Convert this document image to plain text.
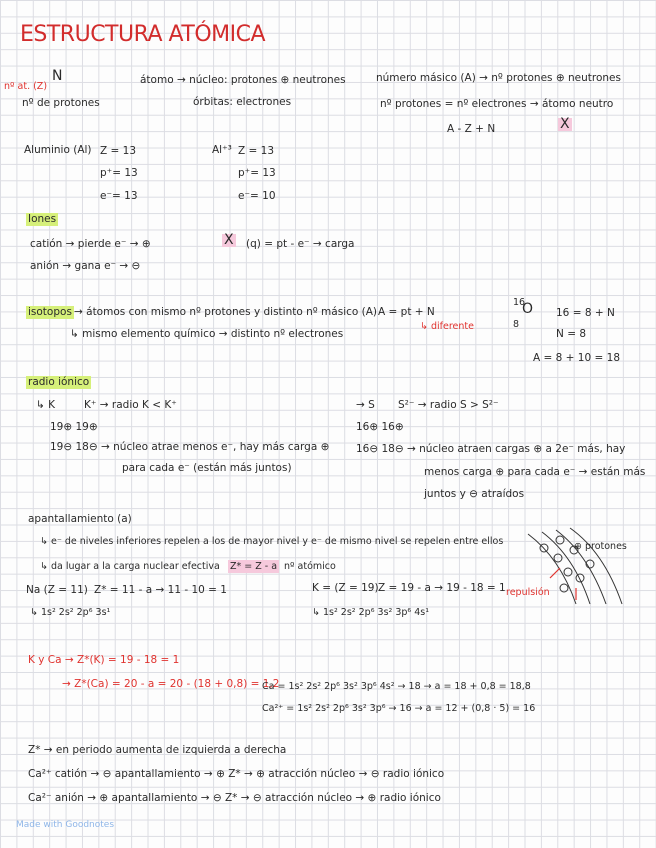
ESTRUCTURA ATÓMICA
nº at. (Z)
N
nº de protones
átomo → núcleo: protones ⊕ neutrones
órbitas: electrones
número másico (A) → nº protones ⊕ neutrones
nº protones = nº electrones → átomo neutro
A - Z + N	X
Aluminio (Al) Z = 13
p⁺= 13
e⁻= 13
Al⁺³ Z = 13
p⁺= 13
e⁻= 10
Iones
catión → pierde e⁻ → ⊕
anión → gana e⁻ → ⊖
X (q) = pt - e⁻ → carga
isotopos → átomos con mismo nº protones y distinto nº másico (A)
↳ mismo elemento químico → distinto nº electrones
A = pt + N
↳ diferente
16
8
O 16 = 8 + N
N = 8
A = 8 + 10 = 18
radio iónico
↳ K	K⁺ → radio K < K⁺
19⊕ 19⊕
19⊖ 18⊖ → núcleo atrae menos e⁻, hay más carga ⊕
para cada e⁻ (están más juntos)
→ S S²⁻ → radio S > S²⁻
16⊕ 16⊕
16⊖ 18⊖ → núcleo atraen cargas ⊕ a 2e⁻ más, hay
menos carga ⊕ para cada e⁻ → están más
juntos y ⊖ atraídos
apantallamiento (a)
↳ e⁻ de niveles inferiores repelen a los de mayor nivel y e⁻ de mismo nivel se repelen entre ellos
↳ da lugar a la carga nuclear efectiva Z* = Z - a nº atómico
⊕ protones
repulsión
Na (Z = 11) Z* = 11 - a → 11 - 10 = 1
↳ 1s² 2s² 2p⁶ 3s¹
K = (Z = 19) Z = 19 - a → 19 - 18 = 1
↳ 1s² 2s² 2p⁶ 3s² 3p⁶ 4s¹
K y Ca → Z*(K) = 19 - 18 = 1
→ Z*(Ca) = 20 - a = 20 - (18 + 0,8) = 1,2
Ca = 1s² 2s² 2p⁶ 3s² 3p⁶ 4s² → 18 → a = 18 + 0,8 = 18,8
Ca²⁺ = 1s² 2s² 2p⁶ 3s² 3p⁶ → 16 → a = 12 + (0,8 · 5) = 16
Z* → en periodo aumenta de izquierda a derecha
Ca²⁺ catión → ⊖ apantallamiento → ⊕ Z* → ⊕ atracción núcleo → ⊖ radio iónico
Ca²⁻ anión → ⊕ apantallamiento → ⊖ Z* → ⊖ atracción núcleo → ⊕ radio iónico
Made with Goodnotes
